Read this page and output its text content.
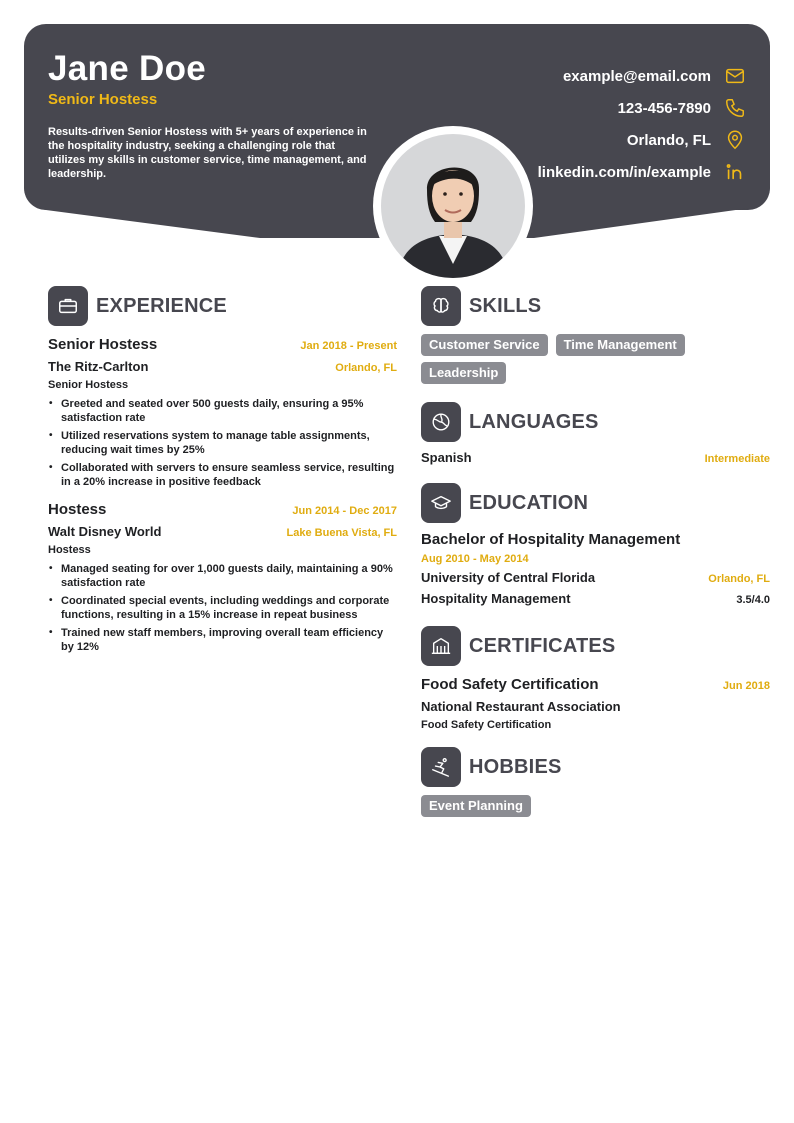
Jane Doe
Senior Hostess
Results-driven Senior Hostess with 5+ years of experience in the hospitality industry, seeking a challenging role that utilizes my skills in customer service, time management, and leadership.
example@email.com
123-456-7890
Orlando, FL
linkedin.com/in/example
EXPERIENCE
Senior Hostess	Jan 2018 - Present
The Ritz-Carlton	Orlando, FL
Senior Hostess
• Greeted and seated over 500 guests daily, ensuring a 95% satisfaction rate
• Utilized reservations system to manage table assignments, reducing wait times by 25%
• Collaborated with servers to ensure seamless service, resulting in a 20% increase in positive feedback
Hostess	Jun 2014 - Dec 2017
Walt Disney World	Lake Buena Vista, FL
Hostess
• Managed seating for over 1,000 guests daily, maintaining a 90% satisfaction rate
• Coordinated special events, including weddings and corporate functions, resulting in a 15% increase in repeat business
• Trained new staff members, improving overall team efficiency by 12%
SKILLS
Customer Service	Time Management
Leadership
LANGUAGES
Spanish	Intermediate
EDUCATION
Bachelor of Hospitality Management
Aug 2010 - May 2014
University of Central Florida	Orlando, FL
Hospitality Management	3.5/4.0
CERTIFICATES
Food Safety Certification	Jun 2018
National Restaurant Association
Food Safety Certification
HOBBIES
Event Planning
